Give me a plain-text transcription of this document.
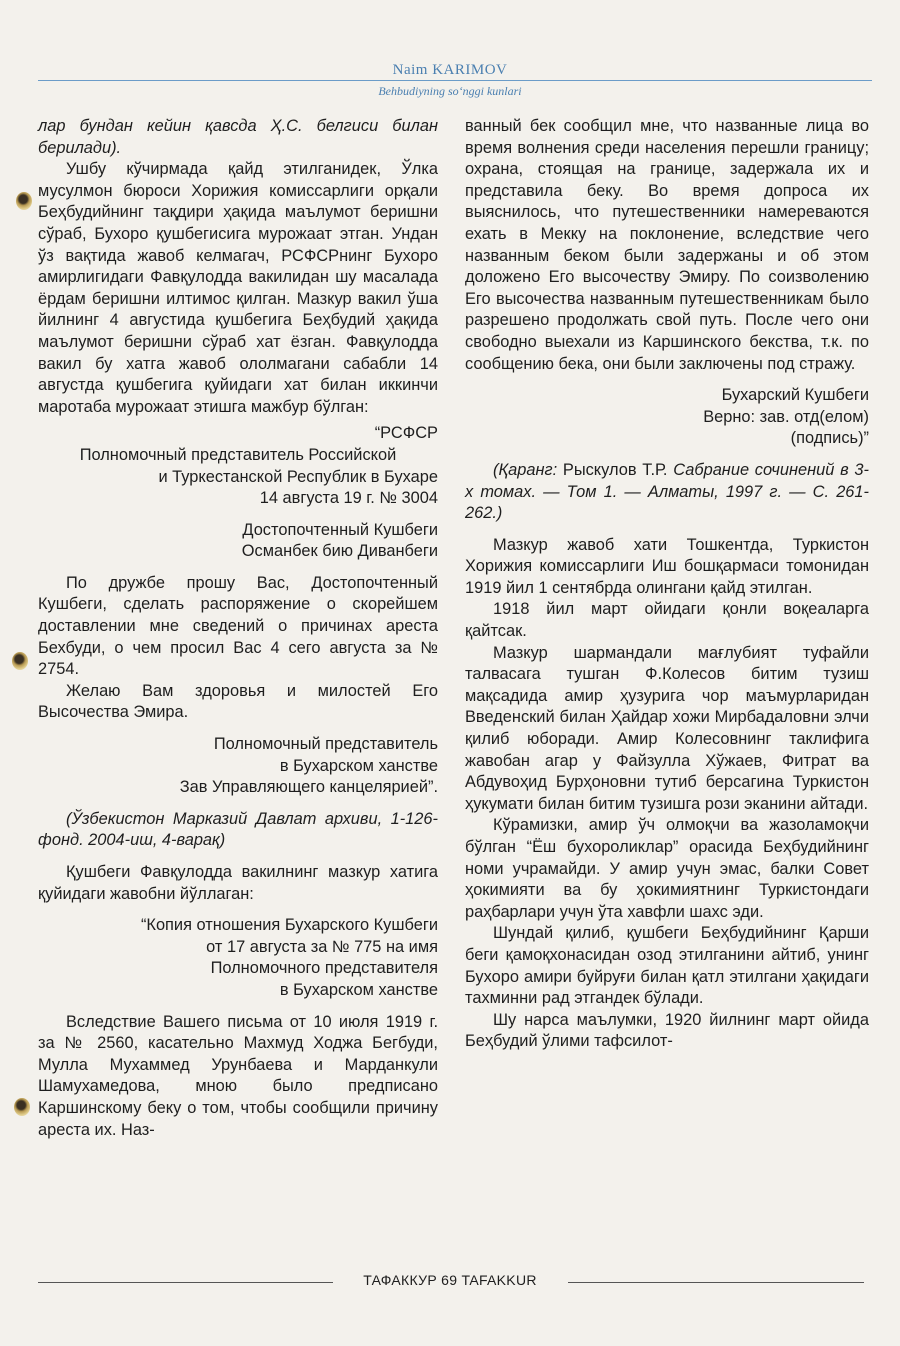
Naim KARIMOV
Behbudiyning so‘nggi kunlari

лар бундан кейин қавсда Ҳ.С. белгиси билан берилади).

Ушбу кўчирмада қайд этилганидек, Ўлка мусулмон бюроси Хорижия комиссарлиги орқали Беҳбудийнинг тақдири ҳақида маълумот беришни сўраб, Бухоро қушбегисига мурожаат этган. Ундан ўз вақтида жавоб келмагач, РСФСРнинг Бухоро амирлигидаги Фавқулодда вакилидан шу масалада ёрдам беришни илтимос қилган. Мазкур вакил ўша йилнинг 4 августида қушбегига Беҳбудий ҳақида маълумот беришни сўраб хат ёзган. Фавқулодда вакил бу хатга жавоб ололмагани сабабли 14 августда қушбегига қуйидаги хат билан иккинчи маротаба мурожаат этишга мажбур бўлган:

“РСФСР

Полномочный представитель Российской

и Туркестанской Республик в Бухаре

14 августа 19 г. № 3004

Достопочтенный Кушбеги

Османбек бию Диванбеги

По дружбе прошу Вас, Достопочтенный Кушбеги, сделать распоряжение о скорейшем доставлении мне сведений о причинах ареста Бехбуди, о чем просил Вас 4 сего августа за № 2754.

Желаю Вам здоровья и милостей Его Высочества Эмира.

Полномочный представитель

в Бухарском ханстве

Зав Управляющего канцелярией”.

(Ўзбекистон Марказий Давлат архиви, 1-126-фонд. 2004-иш, 4-варақ)

Қушбеги Фавқулодда вакилнинг мазкур хатига қуйидаги жавобни йўллаган:

“Копия отношения Бухарского Кушбеги

от 17 августа за № 775 на имя

Полномочного представителя

в Бухарском ханстве

Вследствие Вашего письма от 10 июля 1919 г. за № 2560, касательно Махмуд Ходжа Бегбуди, Мулла Мухаммед Урунбаева и Марданкули Шамухамедова, мною было предписано Каршинскому беку о том, чтобы сообщили причину ареста их. Наз-

ванный бек сообщил мне, что названные лица во время волнения среди населения перешли границу; охрана, стоящая на границе, задержала их и представила беку. Во время допроса их выяснилось, что путешественники намереваются ехать в Мекку на поклонение, вследствие чего названным беком были задержаны и об этом доложено Его высочеству Эмиру. По соизволению Его высочества названным путешественникам было разрешено продолжать свой путь. После чего они свободно выехали из Каршинского бекства, т.к. по сообщению бека, они были заключены под стражу.

Бухарский Кушбеги

Верно: зав. отд(елом)

(подпись)”

(Қаранг: Рыскулов Т.Р. Сабрание сочинений в 3-х томах. — Том 1. — Алматы, 1997 г. — С. 261-262.)

Мазкур жавоб хати Тошкентда, Туркистон Хорижия комиссарлиги Иш бошқармаси томонидан 1919 йил 1 сентябрда олингани қайд этилган.

1918 йил март ойидаги қонли воқеаларга қайтсак.

Мазкур шармандали мағлубият туфайли талвасага тушган Ф.Колесов битим тузиш мақсадида амир ҳузурига чор маъмурларидан Введенский билан Ҳайдар хожи Мирбадаловни элчи қилиб юборади. Амир Колесовнинг таклифига жавобан агар у Файзулла Хўжаев, Фитрат ва Абдувоҳид Бурҳоновни тутиб берсагина Туркистон ҳукумати билан битим тузишга рози эканини айтади.

Кўрамизки, амир ўч олмоқчи ва жазоламоқчи бўлган “Ёш бухороликлар” орасида Беҳбудийнинг номи учрамайди. У амир учун эмас, балки Совет ҳокимияти ва бу ҳокимиятнинг Туркистондаги раҳбарлари учун ўта хавфли шахс эди.

Шундай қилиб, қушбеги Беҳбудийнинг Қарши беги қамоқхонасидан озод этилганини айтиб, унинг Бухоро амири буйруғи билан қатл этилгани ҳақидаги тахминни рад этгандек бўлади.

Шу нарса маълумки, 1920 йилнинг март ойида Беҳбудий ўлими тафсилот-

ТАФАККУР 69 TAFAKKUR
